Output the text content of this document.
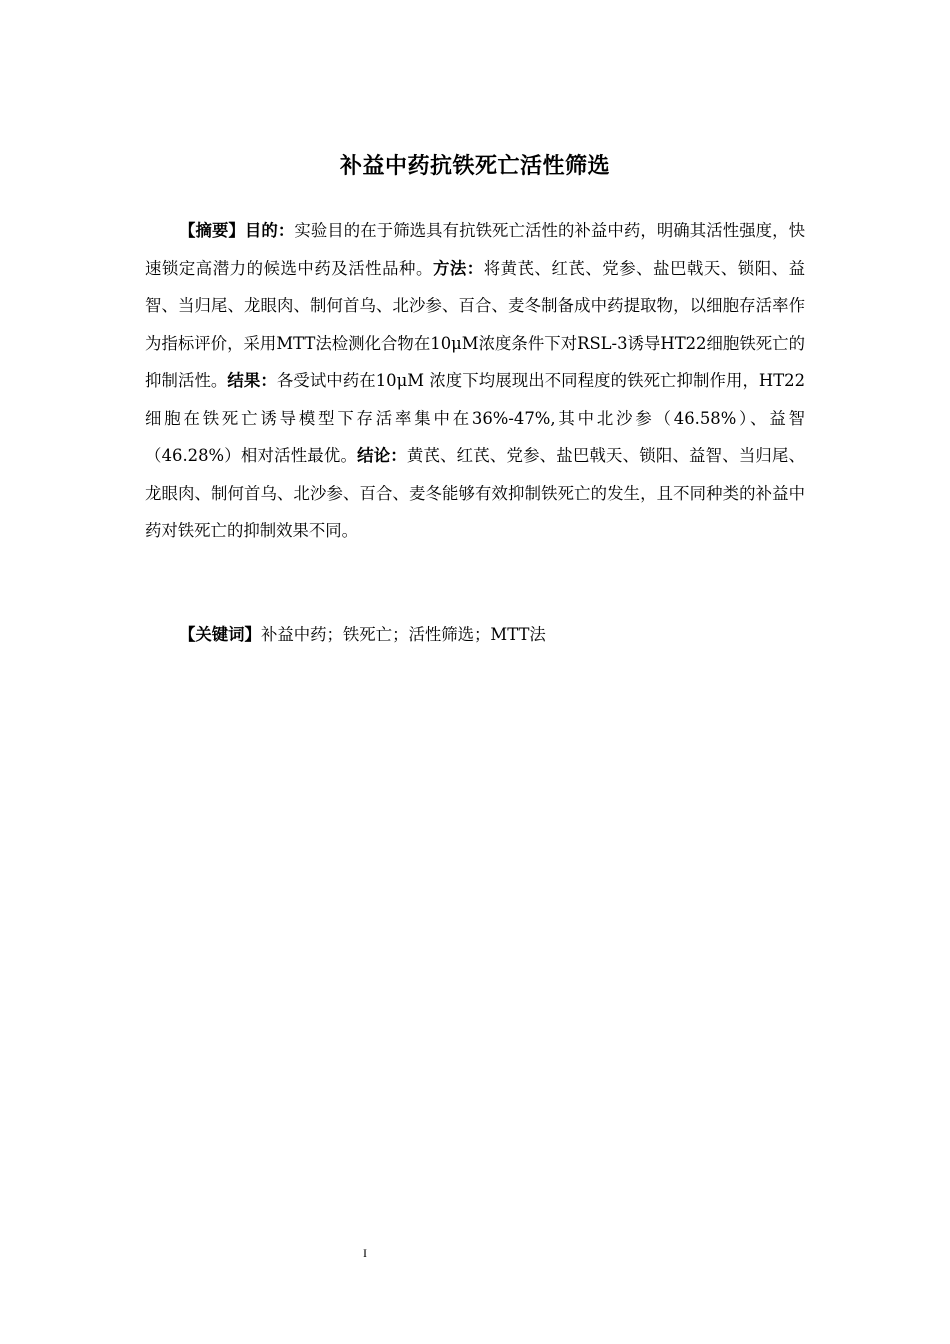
补益中药抗铁死亡活性筛选

【摘要】目的：实验目的在于筛选具有抗铁死亡活性的补益中药，明确其活性强度，快速锁定高潜力的候选中药及活性品种。方法：将黄芪、红芪、党参、盐巴戟天、锁阳、益智、当归尾、龙眼肉、制何首乌、北沙参、百合、麦冬制备成中药提取物，以细胞存活率作为指标评价，采用MTT法检测化合物在10μM浓度条件下对RSL-3诱导HT22细胞铁死亡的抑制活性。结果：各受试中药在10μM 浓度下均展现出不同程度的铁死亡抑制作用，HT22细胞在铁死亡诱导模型下存活率集中在36%-47%,其中北沙参（46.58%）、益智（46.28%）相对活性最优。结论：黄芪、红芪、党参、盐巴戟天、锁阳、益智、当归尾、龙眼肉、制何首乌、北沙参、百合、麦冬能够有效抑制铁死亡的发生，且不同种类的补益中药对铁死亡的抑制效果不同。

【关键词】补益中药；铁死亡；活性筛选；MTT法

I
